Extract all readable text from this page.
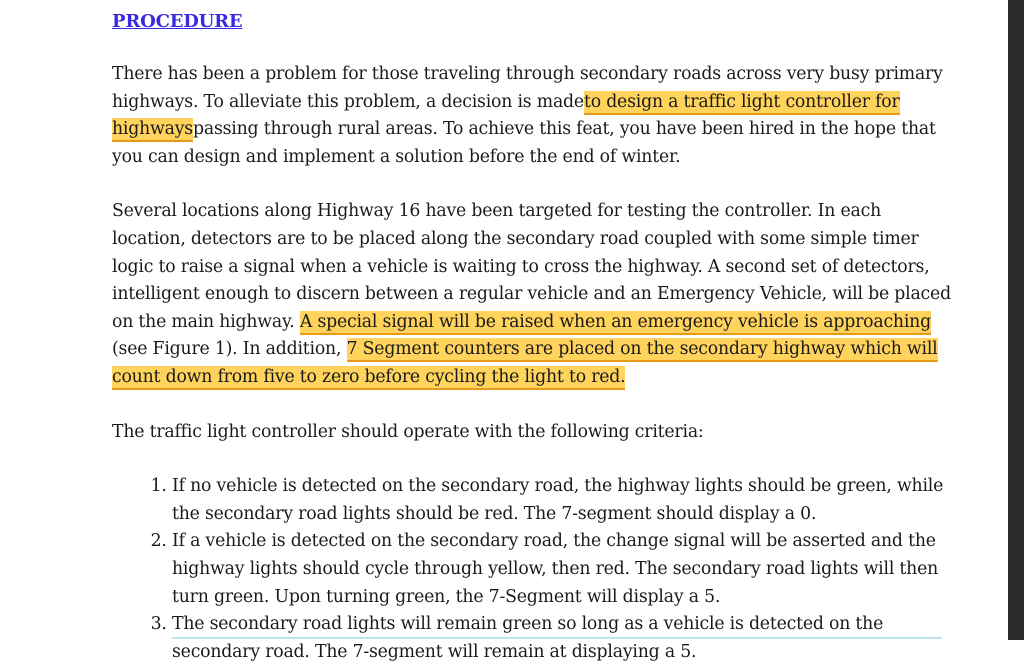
PROCEDURE

There has been a problem for those traveling through secondary roads across very busy primary highways. To alleviate this problem, a decision is madeto design a traffic light controller for highwayspassing through rural areas. To achieve this feat, you have been hired in the hope that you can design and implement a solution before the end of winter.

Several locations along Highway 16 have been targeted for testing the controller. In each location, detectors are to be placed along the secondary road coupled with some simple timer logic to raise a signal when a vehicle is waiting to cross the highway. A second set of detectors, intelligent enough to discern between a regular vehicle and an Emergency Vehicle, will be placed on the main highway. A special signal will be raised when an emergency vehicle is approaching (see Figure 1). In addition, 7 Segment counters are placed on the secondary highway which will count down from five to zero before cycling the light to red.

The traffic light controller should operate with the following criteria:

1. If no vehicle is detected on the secondary road, the highway lights should be green, while the secondary road lights should be red. The 7-segment should display a 0.
2. If a vehicle is detected on the secondary road, the change signal will be asserted and the highway lights should cycle through yellow, then red. The secondary road lights will then turn green. Upon turning green, the 7-Segment will display a 5.
3. The secondary road lights will remain green so long as a vehicle is detected on the secondary road. The 7-segment will remain at displaying a 5.
